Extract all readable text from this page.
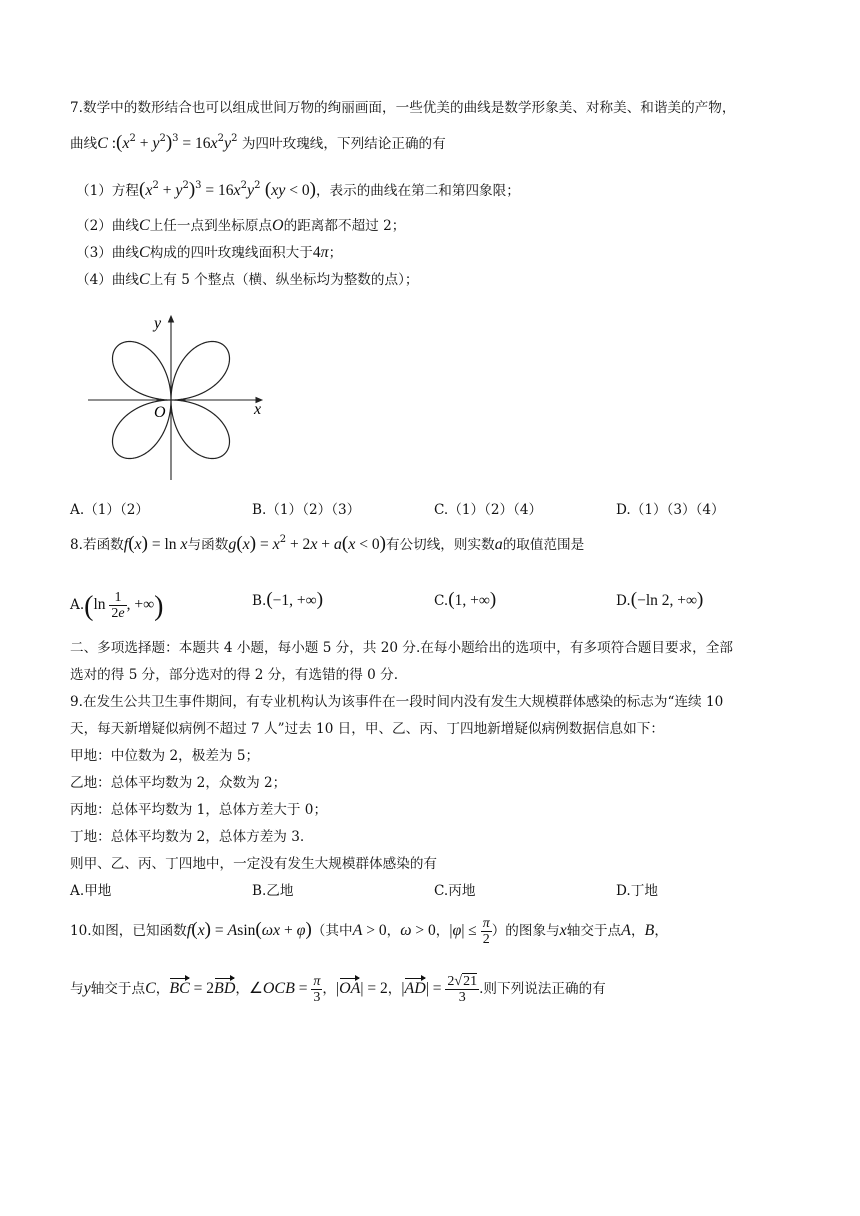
7.数学中的数形结合也可以组成世间万物的绚丽画面，一些优美的曲线是数学形象美、对称美、和谐美的产物，
曲线C $:(x^2 + y^2)^3 = 16x^2y^2$ 为四叶玫瑰线，下列结论正确的有
（1）方程$(x^2 + y^2)^3 = 16x^2y^2$ (xy < 0)，表示的曲线在第二和第四象限；
（2）曲线C上任一点到坐标原点O的距离都不超过 2；
（3）曲线C构成的四叶玫瑰线面积大于4π；
（4）曲线C上有 5 个整点（横、纵坐标均为整数的点）；
x
y
O
A.（1）（2）	B.（1）（2）（3）	C.（1）（2）（4）	D.（1）（3）（4）
8.若函数f(x) = ln x与函数$g(x) = x^2 + 2x + a(x < 0)$有公切线，则实数a的取值范围是
$A.(\ln \frac{1}{2e}$ , +∞)	B.(−1, +∞)	C.(1, +∞)	D.(−ln 2, +∞)
二、多项选择题：本题共 4 小题，每小题 5 分，共 20 分.在每小题给出的选项中，有多项符合题目要求，全部
选对的得 5 分，部分选对的得 2 分，有选错的得 0 分.
9.在发生公共卫生事件期间，有专业机构认为该事件在一段时间内没有发生大规模群体感染的标志为“连续 10
天，每天新增疑似病例不超过 7 人”过去 10 日，甲、乙、丙、丁四地新增疑似病例数据信息如下：
甲地：中位数为 2，极差为 5；
乙地：总体平均数为 2，众数为 2；
丙地：总体平均数为 1，总体方差大于 0；
丁地：总体平均数为 2，总体方差为 3.
则甲、乙、丙、丁四地中，一定没有发生大规模群体感染的有
A.甲地	B.乙地	C.丙地	D.丁地
10.如图，已知函数f(x) = Asin(ωx + φ)（其中A > 0，ω > 0，$|\varphi| \le \frac{\pi}{2}$ ）的图象与x轴交于点A，B，
与y轴交于点C，BC = 2BD，∠OCB = $\frac{\pi}{3}$ ，|OA| = 2，$|AD| = \frac{2√21}{3}$ .则下列说法正确的有
